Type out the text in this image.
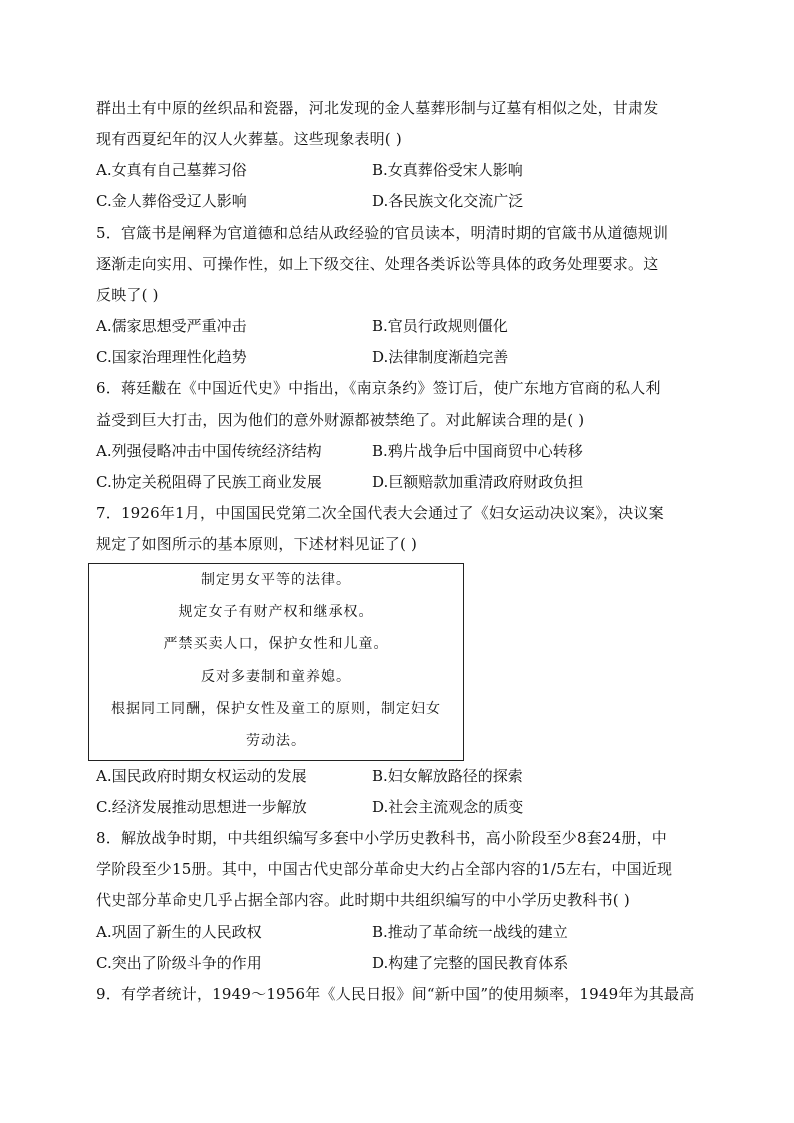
群出土有中原的丝织品和瓷器，河北发现的金人墓葬形制与辽墓有相似之处，甘肃发
现有西夏纪年的汉人火葬墓。这些现象表明( )
A.女真有自己墓葬习俗	B.女真葬俗受宋人影响
C.金人葬俗受辽人影响	D.各民族文化交流广泛
5．官箴书是阐释为官道德和总结从政经验的官员读本，明清时期的官箴书从道德规训
逐渐走向实用、可操作性，如上下级交往、处理各类诉讼等具体的政务处理要求。这
反映了( )
A.儒家思想受严重冲击	B.官员行政规则僵化
C.国家治理理性化趋势	D.法律制度渐趋完善
6．蒋廷黻在《中国近代史》中指出，《南京条约》签订后，使广东地方官商的私人利
益受到巨大打击，因为他们的意外财源都被禁绝了。对此解读合理的是( )
A.列强侵略冲击中国传统经济结构	B.鸦片战争后中国商贸中心转移
C.协定关税阻碍了民族工商业发展	D.巨额赔款加重清政府财政负担
7．1926年1月，中国国民党第二次全国代表大会通过了《妇女运动决议案》，决议案
规定了如图所示的基本原则，下述材料见证了( )
制定男女平等的法律。
规定女子有财产权和继承权。
严禁买卖人口，保护女性和儿童。
反对多妻制和童养媳。
根据同工同酬，保护女性及童工的原则，制定妇女
劳动法。
A.国民政府时期女权运动的发展	B.妇女解放路径的探索
C.经济发展推动思想进一步解放	D.社会主流观念的质变
8．解放战争时期，中共组织编写多套中小学历史教科书，高小阶段至少8套24册，中
学阶段至少15册。其中，中国古代史部分革命史大约占全部内容的1/5左右，中国近现
代史部分革命史几乎占据全部内容。此时期中共组织编写的中小学历史教科书( )
A.巩固了新生的人民政权	B.推动了革命统一战线的建立
C.突出了阶级斗争的作用	D.构建了完整的国民教育体系
9．有学者统计，1949～1956年《人民日报》间“新中国”的使用频率，1949年为其最高
